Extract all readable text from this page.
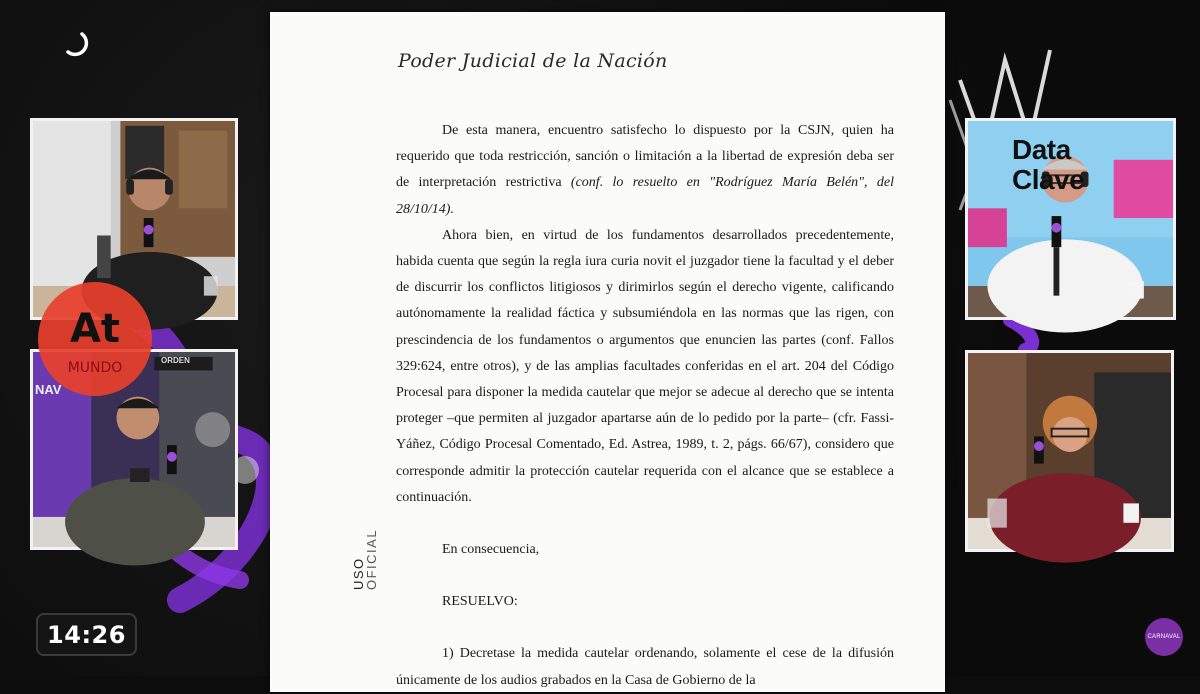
ORDEN
NAV
Data Clave
Poder Judicial de la Nación
USO
OFICIAL

De esta manera, encuentro satisfecho lo dispuesto por la CSJN, quien ha requerido que toda restricción, sanción o limitación a la libertad de expresión deba ser de interpretación restrictiva (conf. lo resuelto en "Rodríguez María Belén", del 28/10/14).

Ahora bien, en virtud de los fundamentos desarrollados precedentemente, habida cuenta que según la regla iura curia novit el juzgador tiene la facultad y el deber de discurrir los conflictos litigiosos y dirimirlos según el derecho vigente, calificando autónomamente la realidad fáctica y subsumiéndola en las normas que las rigen, con prescindencia de los fundamentos o argumentos que enuncien las partes (conf. Fallos 329:624, entre otros), y de las amplias facultades conferidas en el art. 204 del Código Procesal para disponer la medida cautelar que mejor se adecue al derecho que se intenta proteger –que permiten al juzgador apartarse aún de lo pedido por la parte– (cfr. Fassi-Yáñez, Código Procesal Comentado, Ed. Astrea, 1989, t. 2, págs. 66/67), considero que corresponde admitir la protección cautelar requerida con el alcance que se establece a continuación.

En consecuencia,

RESUELVO:

1) Decretase la medida cautelar ordenando, solamente el cese de la difusión únicamente de los audios grabados en la Casa de Gobierno de la

At
MUNDO
14:26	CARNAVAL
